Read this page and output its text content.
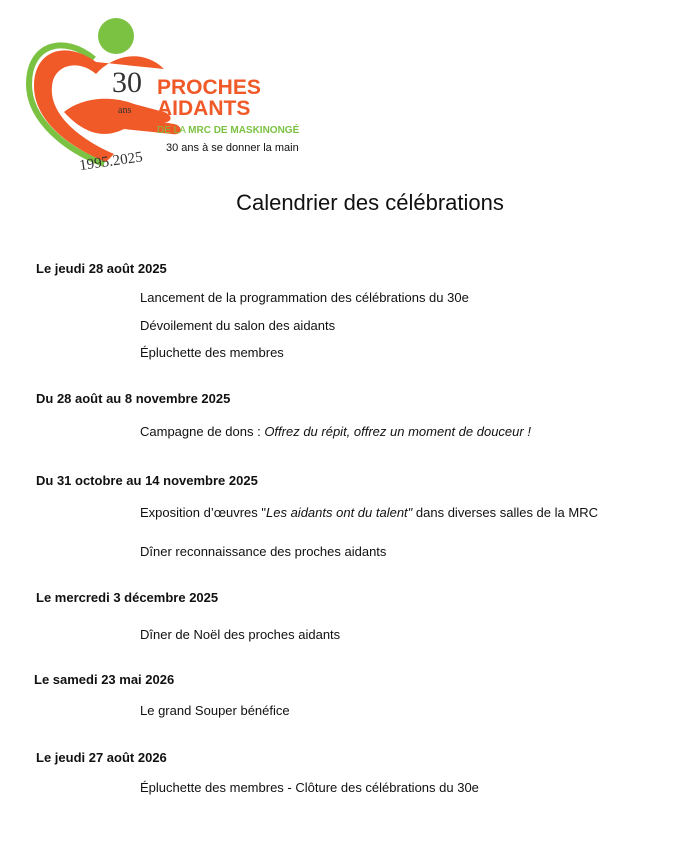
30
ans
PROCHES
AIDANTS
DE LA MRC DE MASKINONGÉ
1995.2025
30 ans à se donner la main
Calendrier des célébrations
Le jeudi 28 août 2025
Lancement de la programmation des célébrations du 30e
Dévoilement du salon des aidants
Épluchette des membres
Du 28 août au 8 novembre 2025
Campagne de dons : Offrez du répit, offrez un moment de douceur !
Du 31 octobre au 14 novembre 2025
Exposition d’œuvres "Les aidants ont du talent" dans diverses salles de la MRC
Dîner reconnaissance des proches aidants
Le mercredi 3 décembre 2025
Dîner de Noël des proches aidants
Le samedi 23 mai 2026
Le grand Souper bénéfice
Le jeudi 27 août 2026
Épluchette des membres - Clôture des célébrations du 30e
